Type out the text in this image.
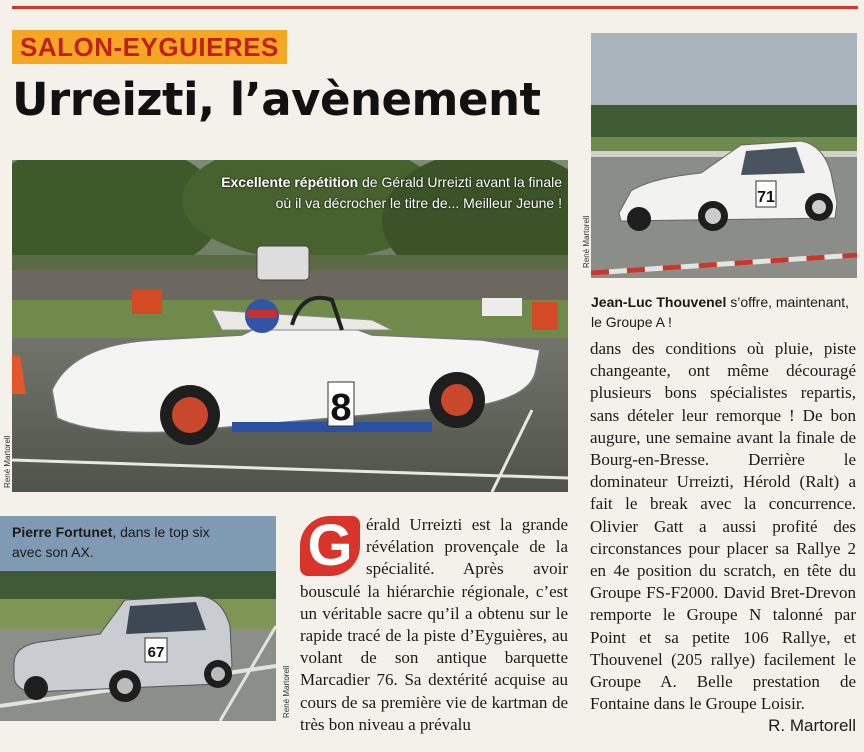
SALON-EYGUIERES
Urreizti, l’avènement
8
Excellente répétition de Gérald Urreizti avant la finale
où il va décrocher le titre de... Meilleur Jeune !
René Martorell
71
René Martorell
Jean-Luc Thouvenel s’offre, maintenant,
le Groupe A !
67
Pierre Fortunet, dans le top six
avec son AX.
René Martorell
G érald Urreizti est la grande révélation provençale de la spécialité. Après avoir bousculé la hiérarchie régionale, c’est un véritable sacre qu’il a obtenu sur le rapide tracé de la piste d’Eyguières, au volant de son antique barquette Marcadier 76. Sa dextérité acquise au cours de sa première vie de kartman de très bon niveau a prévalu
dans des conditions où pluie, piste changeante, ont même découragé plusieurs bons spécialistes repartis, sans dételer leur remorque ! De bon augure, une semaine avant la finale de Bourg-en-Bresse. Derrière le dominateur Urreizti, Hérold (Ralt) a fait le break avec la concurrence. Olivier Gatt a aussi profité des circonstances pour placer sa Rallye 2 en 4e position du scratch, en tête du Groupe FS-F2000. David Bret-Drevon remporte le Groupe N talonné par Point et sa petite 106 Rallye, et Thouvenel (205 rallye) facilement le Groupe A. Belle prestation de Fontaine dans le Groupe Loisir.
R. Martorell
